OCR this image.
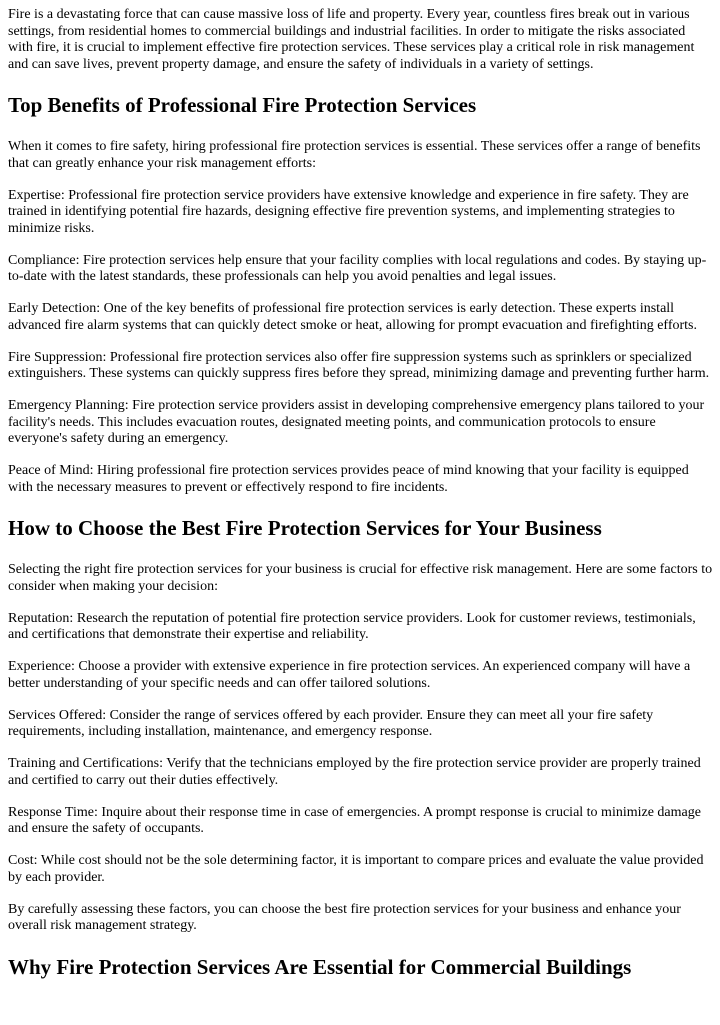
Fire is a devastating force that can cause massive loss of life and property. Every year, countless fires break out in various settings, from residential homes to commercial buildings and industrial facilities. In order to mitigate the risks associated with fire, it is crucial to implement effective fire protection services. These services play a critical role in risk management and can save lives, prevent property damage, and ensure the safety of individuals in a variety of settings.

Top Benefits of Professional Fire Protection Services

When it comes to fire safety, hiring professional fire protection services is essential. These services offer a range of benefits that can greatly enhance your risk management efforts:

Expertise: Professional fire protection service providers have extensive knowledge and experience in fire safety. They are trained in identifying potential fire hazards, designing effective fire prevention systems, and implementing strategies to minimize risks.

Compliance: Fire protection services help ensure that your facility complies with local regulations and codes. By staying up-to-date with the latest standards, these professionals can help you avoid penalties and legal issues.

Early Detection: One of the key benefits of professional fire protection services is early detection. These experts install advanced fire alarm systems that can quickly detect smoke or heat, allowing for prompt evacuation and firefighting efforts.

Fire Suppression: Professional fire protection services also offer fire suppression systems such as sprinklers or specialized extinguishers. These systems can quickly suppress fires before they spread, minimizing damage and preventing further harm.

Emergency Planning: Fire protection service providers assist in developing comprehensive emergency plans tailored to your facility's needs. This includes evacuation routes, designated meeting points, and communication protocols to ensure everyone's safety during an emergency.

Peace of Mind: Hiring professional fire protection services provides peace of mind knowing that your facility is equipped with the necessary measures to prevent or effectively respond to fire incidents.

How to Choose the Best Fire Protection Services for Your Business

Selecting the right fire protection services for your business is crucial for effective risk management. Here are some factors to consider when making your decision:

Reputation: Research the reputation of potential fire protection service providers. Look for customer reviews, testimonials, and certifications that demonstrate their expertise and reliability.

Experience: Choose a provider with extensive experience in fire protection services. An experienced company will have a better understanding of your specific needs and can offer tailored solutions.

Services Offered: Consider the range of services offered by each provider. Ensure they can meet all your fire safety requirements, including installation, maintenance, and emergency response.

Training and Certifications: Verify that the technicians employed by the fire protection service provider are properly trained and certified to carry out their duties effectively.

Response Time: Inquire about their response time in case of emergencies. A prompt response is crucial to minimize damage and ensure the safety of occupants.

Cost: While cost should not be the sole determining factor, it is important to compare prices and evaluate the value provided by each provider.

By carefully assessing these factors, you can choose the best fire protection services for your business and enhance your overall risk management strategy.

Why Fire Protection Services Are Essential for Commercial Buildings
